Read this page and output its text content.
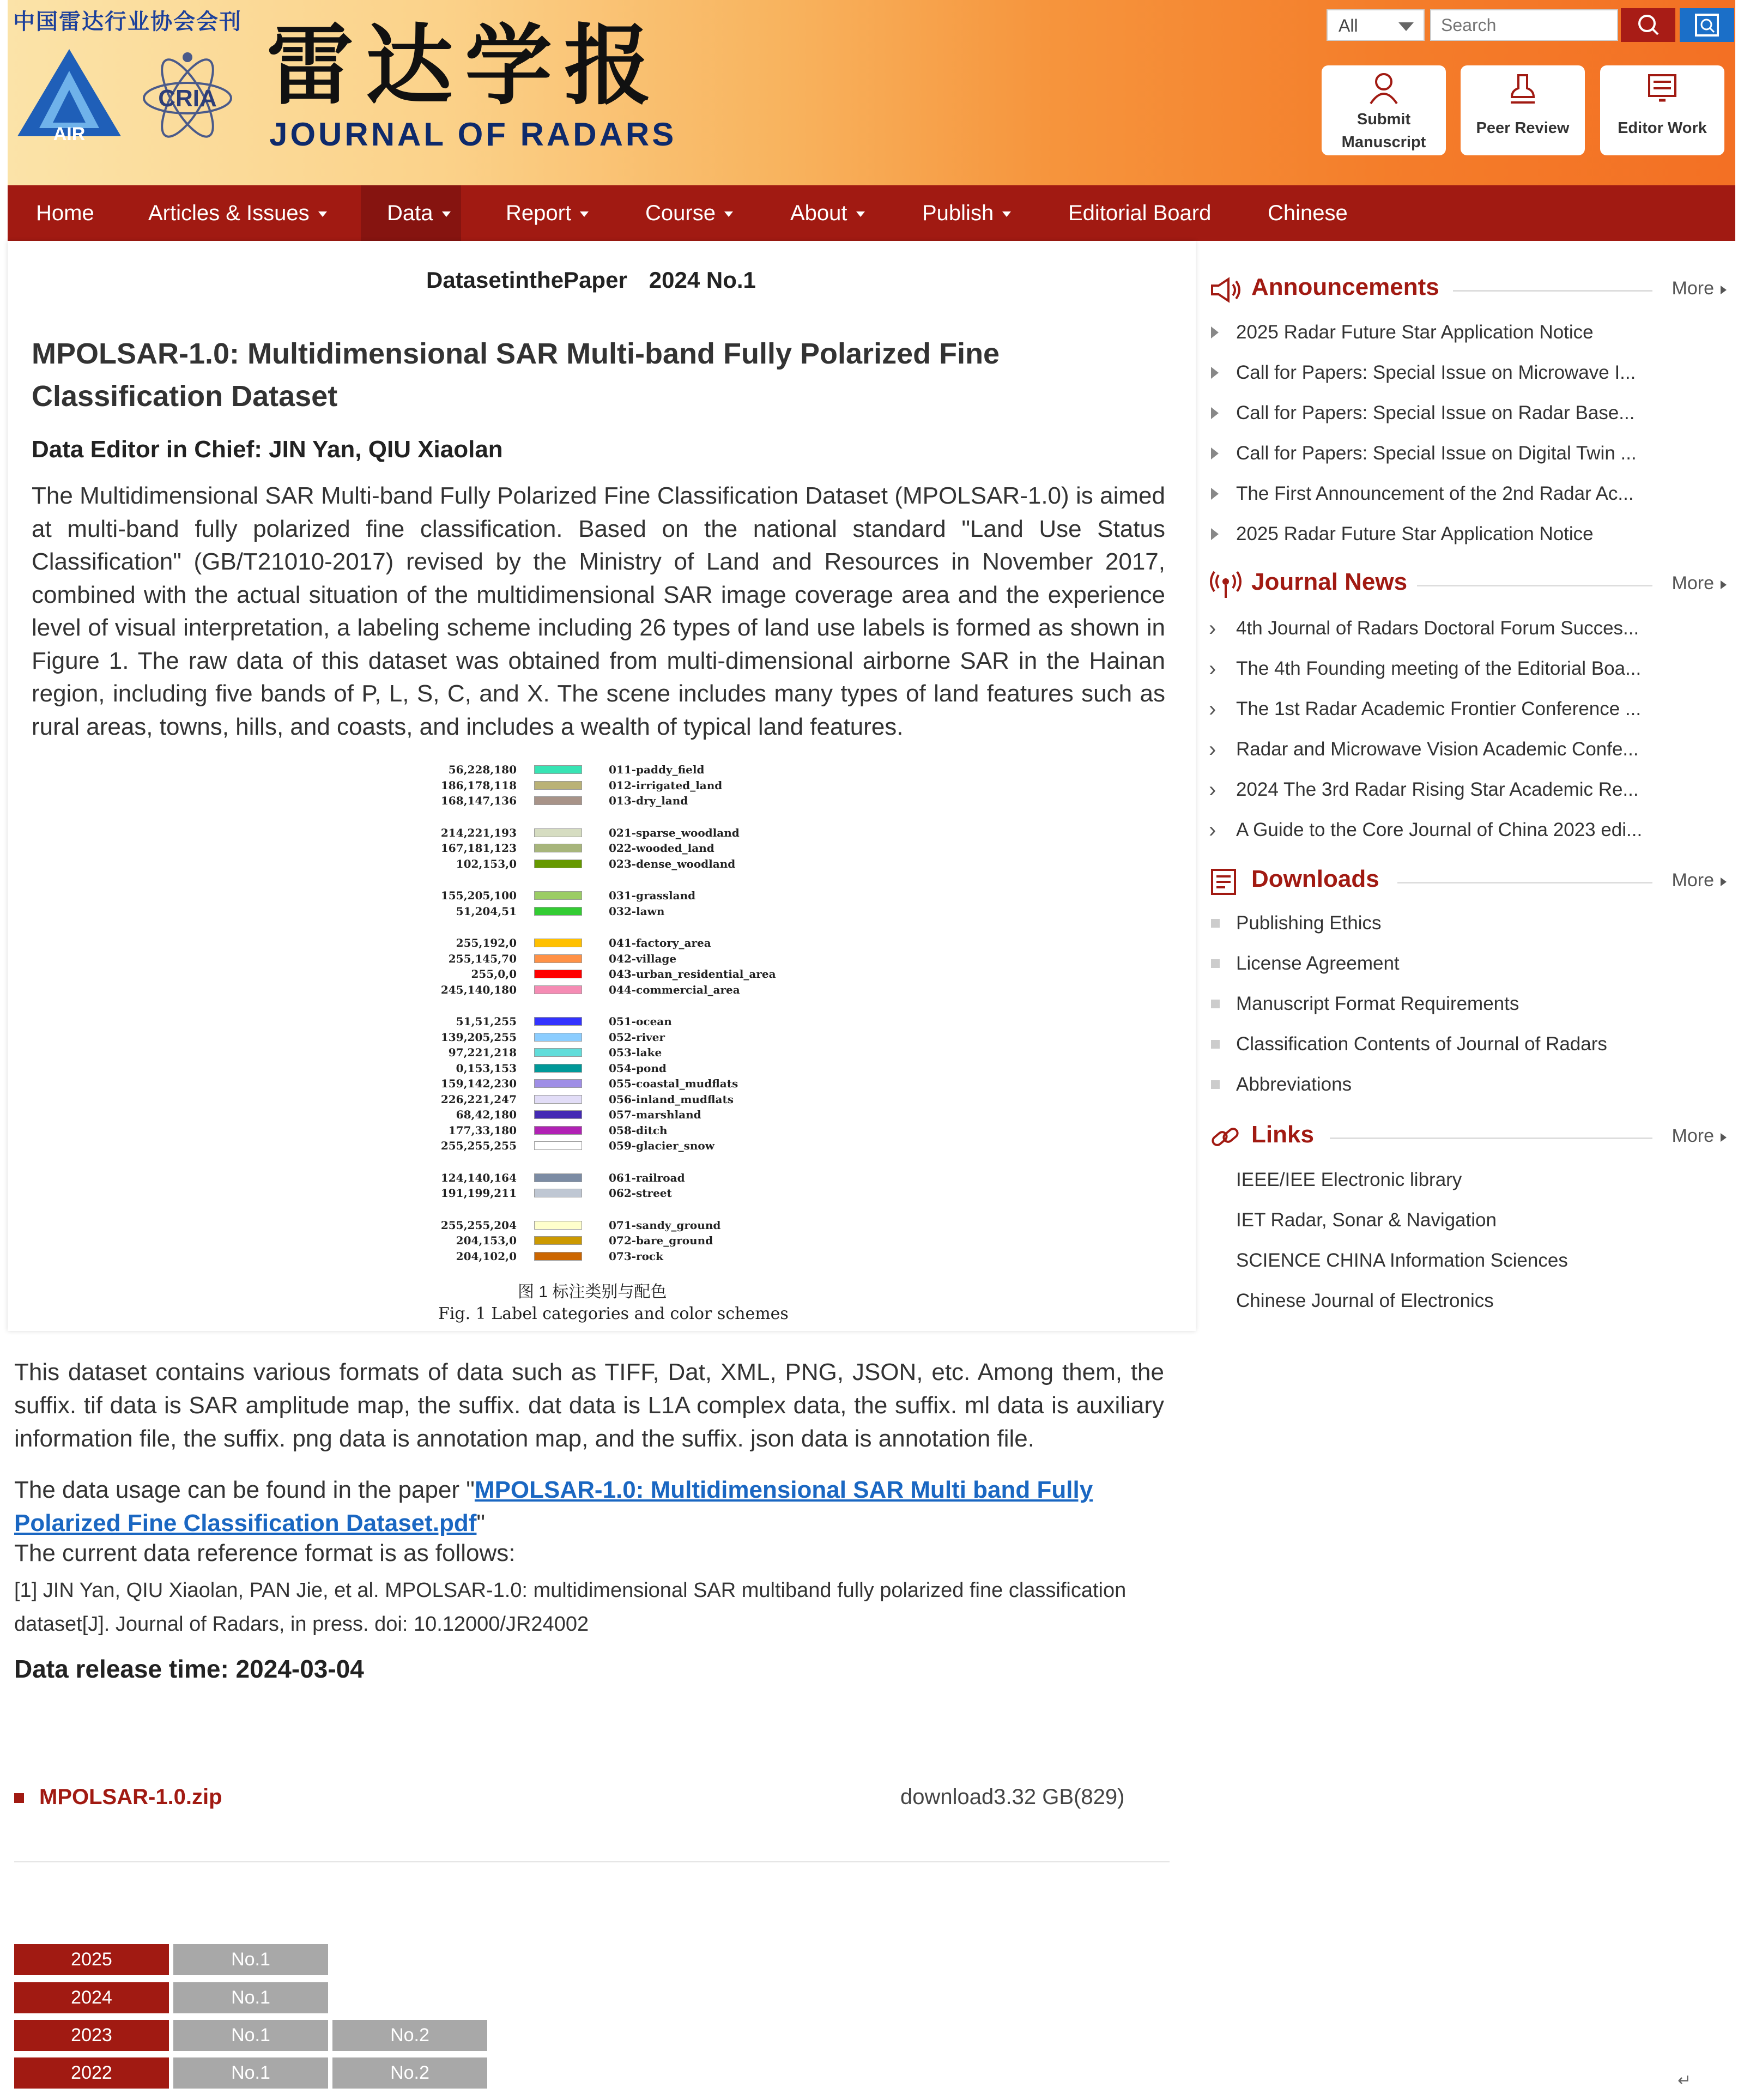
中国雷达行业协会会刊
AIR
CRIA 雷达学报
JOURNAL OF RADARS
All
Search
Submit
Manuscript
Peer Review	Editor Work
Home Articles & Issues	Data	Report	Course	About	Publish	Editorial Board	Chinese
DatasetinthePaper 2024 No.1
MPOLSAR-1.0: Multidimensional SAR Multi-band Fully Polarized Fine Classification Dataset
Data Editor in Chief: JIN Yan, QIU Xiaolan
The Multidimensional SAR Multi-band Fully Polarized Fine Classification Dataset (MPOLSAR-1.0) is aimed at multi-band fully polarized fine classification. Based on the national standard "Land Use Status Classification" (GB/T21010-2017) revised by the Ministry of Land and Resources in November 2017, combined with the actual situation of the multidimensional SAR image coverage area and the experience level of visual interpretation, a labeling scheme including 26 types of land use labels is formed as shown in Figure 1. The raw data of this dataset was obtained from multi-dimensional airborne SAR in the Hainan region, including five bands of P, L, S, C, and X. The scene includes many types of land features such as rural areas, towns, hills, and coasts, and includes a wealth of typical land features.
56,228,180	011-paddy_field
186,178,118	012-irrigated_land
168,147,136	013-dry_land
214,221,193	021-sparse_woodland
167,181,123	022-wooded_land
102,153,0	023-dense_woodland
155,205,100	031-grassland
51,204,51	032-lawn
255,192,0	041-factory_area
255,145,70	042-village
255,0,0	043-urban_residential_area
245,140,180	044-commercial_area
51,51,255	051-ocean
139,205,255	052-river
97,221,218	053-lake
0,153,153	054-pond
159,142,230	055-coastal_mudflats
226,221,247	056-inland_mudflats
68,42,180	057-marshland
177,33,180	058-ditch
255,255,255	059-glacier_snow
124,140,164	061-railroad
191,199,211	062-street
255,255,204	071-sandy_ground
204,153,0	072-bare_ground
204,102,0	073-rock
图 1 标注类别与配色
Fig. 1 Label categories and color schemes
This dataset contains various formats of data such as TIFF, Dat, XML, PNG, JSON, etc. Among them, the suffix. tif data is SAR amplitude map, the suffix. dat data is L1A complex data, the suffix. ml data is auxiliary information file, the suffix. png data is annotation map, and the suffix. json data is annotation file.
The data usage can be found in the paper "MPOLSAR-1.0: Multidimensional SAR Multi band Fully Polarized Fine Classification Dataset.pdf"
The current data reference format is as follows:
[1] JIN Yan, QIU Xiaolan, PAN Jie, et al. MPOLSAR-1.0: multidimensional SAR multiband fully polarized fine classification dataset[J]. Journal of Radars, in press. doi: 10.12000/JR24002
Data release time: 2024-03-04
MPOLSAR-1.0.zip	download3.32 GB(829)
2025	No.1
2024	No.1
2023	No.1	No.2
2022	No.1	No.2	↵
Announcements	More
2025 Radar Future Star Application Notice
Call for Papers: Special Issue on Microwave I...
Call for Papers: Special Issue on Radar Base...
Call for Papers: Special Issue on Digital Twin ...
The First Announcement of the 2nd Radar Ac...
2025 Radar Future Star Application Notice
Journal News	More
› 4th Journal of Radars Doctoral Forum Succes...
› The 4th Founding meeting of the Editorial Boa...
› The 1st Radar Academic Frontier Conference ...
› Radar and Microwave Vision Academic Confe...
› 2024 The 3rd Radar Rising Star Academic Re...
› A Guide to the Core Journal of China 2023 edi...
Downloads	More
Publishing Ethics
License Agreement
Manuscript Format Requirements
Classification Contents of Journal of Radars
Abbreviations
Links	More
IEEE/IEE Electronic library
IET Radar, Sonar & Navigation
SCIENCE CHINA Information Sciences
Chinese Journal of Electronics
